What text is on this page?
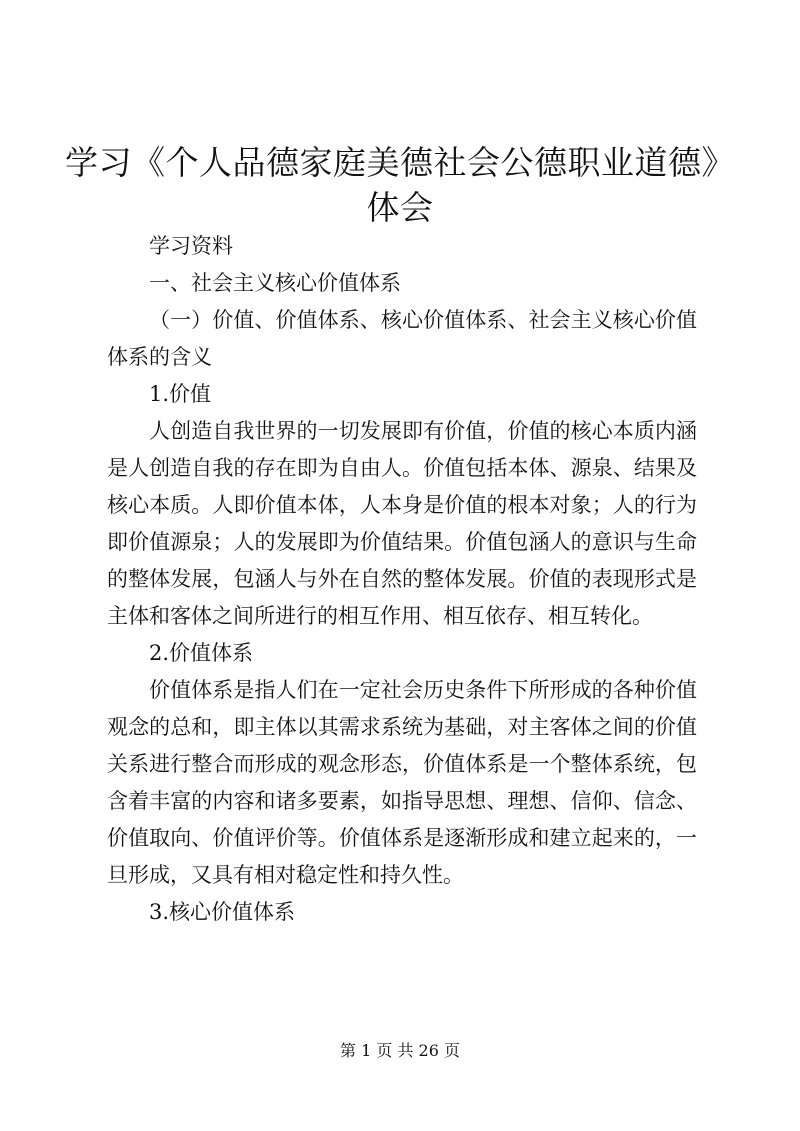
学习《个人品德家庭美德社会公德职业道德》
体会

学习资料

一、社会主义核心价值体系

（一）价值、价值体系、核心价值体系、社会主义核心价值体系的含义

1.价值

人创造自我世界的一切发展即有价值，价值的核心本质内涵是人创造自我的存在即为自由人。价值包括本体、源泉、结果及核心本质。人即价值本体，人本身是价值的根本对象；人的行为即价值源泉；人的发展即为价值结果。价值包涵人的意识与生命的整体发展，包涵人与外在自然的整体发展。价值的表现形式是主体和客体之间所进行的相互作用、相互依存、相互转化。

2.价值体系

价值体系是指人们在一定社会历史条件下所形成的各种价值观念的总和，即主体以其需求系统为基础，对主客体之间的价值关系进行整合而形成的观念形态，价值体系是一个整体系统，包含着丰富的内容和诸多要素，如指导思想、理想、信仰、信念、价值取向、价值评价等。价值体系是逐渐形成和建立起来的，一旦形成，又具有相对稳定性和持久性。

3.核心价值体系

第 1 页 共 26 页
